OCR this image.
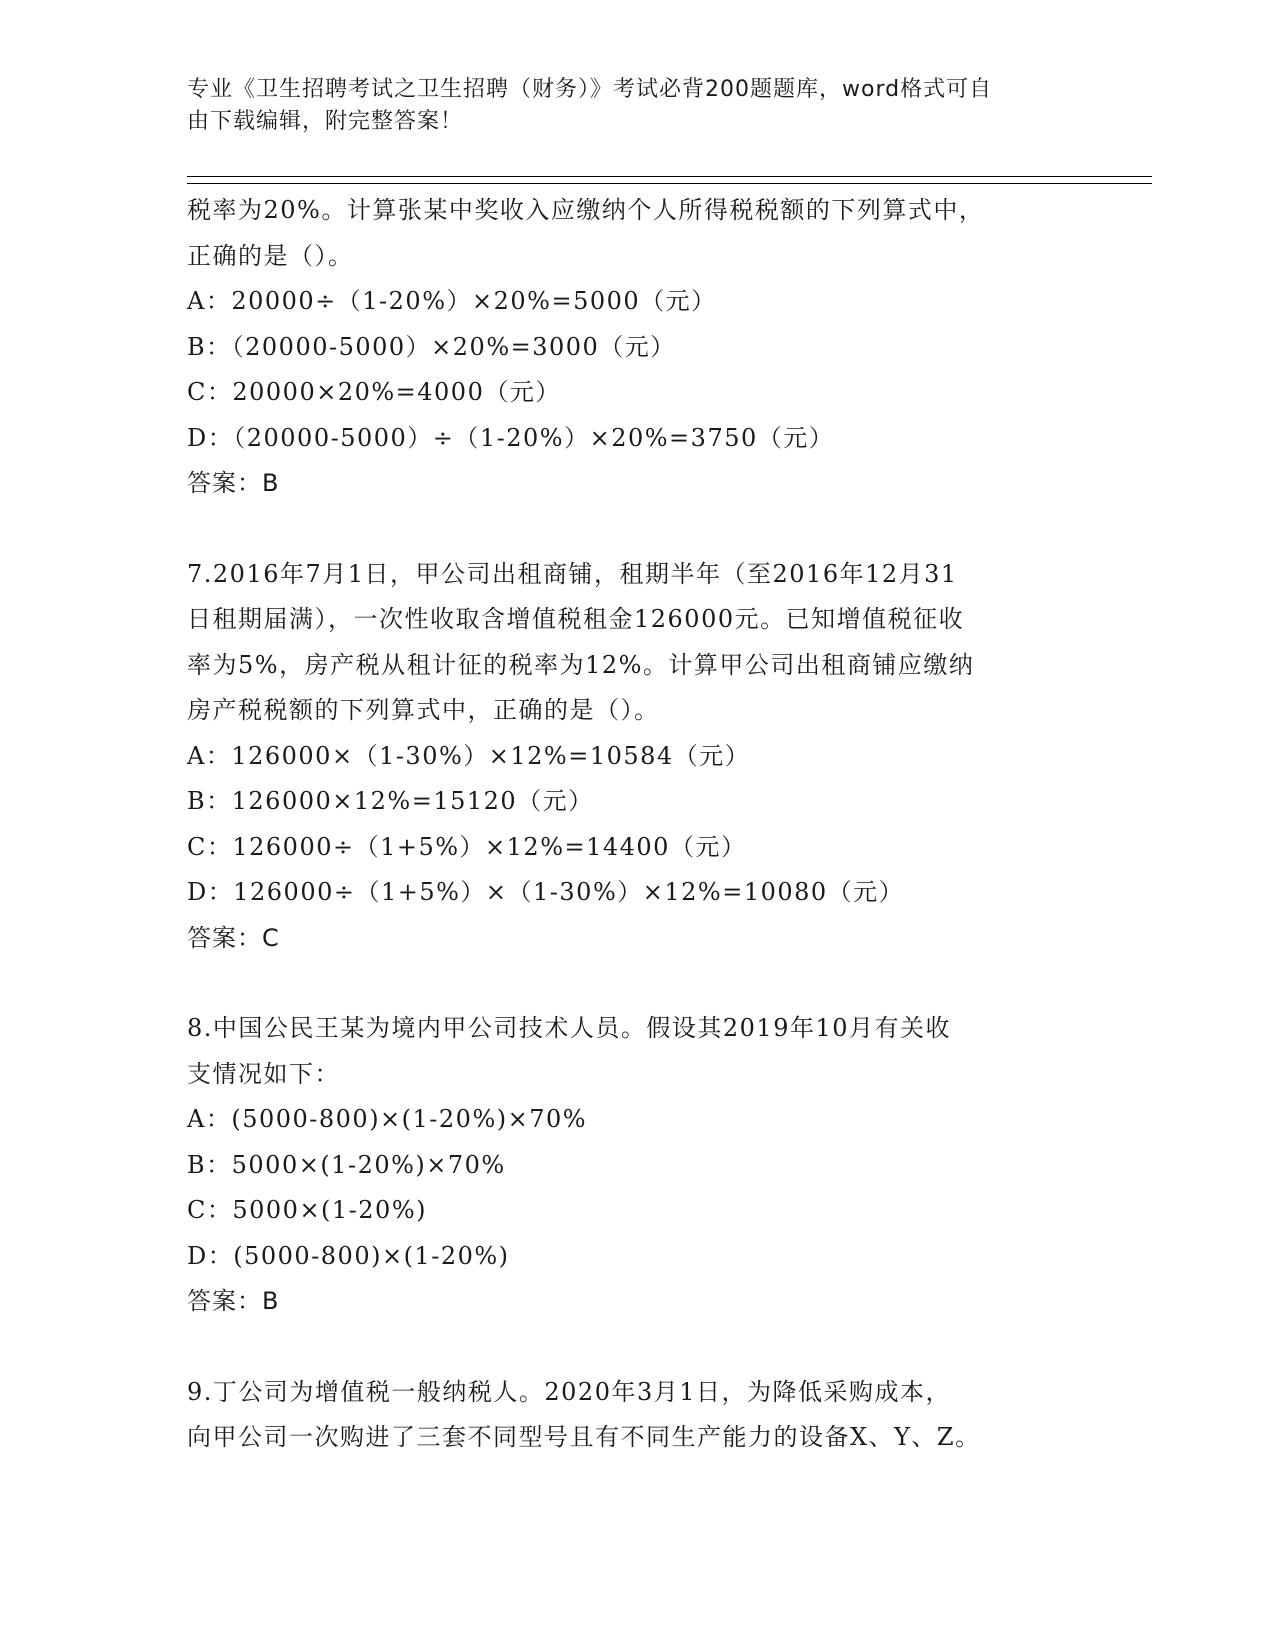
专业《卫生招聘考试之卫生招聘（财务）》考试必背200题题库，word格式可自
由下载编辑，附完整答案！
税率为20%。计算张某中奖收入应缴纳个人所得税税额的下列算式中，
正确的是（）。
A：20000÷（1-20%）×20%=5000（元）
B：（20000-5000）×20%=3000（元）
C：20000×20%=4000（元）
D：（20000-5000）÷（1-20%）×20%=3750（元）
答案：B
7.2016年7月1日，甲公司出租商铺，租期半年（至2016年12月31
日租期届满），一次性收取含增值税租金126000元。已知增值税征收
率为5%，房产税从租计征的税率为12%。计算甲公司出租商铺应缴纳
房产税税额的下列算式中，正确的是（）。
A：126000×（1-30%）×12%=10584（元）
B：126000×12%=15120（元）
C：126000÷（1+5%）×12%=14400（元）
D：126000÷（1+5%）×（1-30%）×12%=10080（元）
答案：C
8.中国公民王某为境内甲公司技术人员。假设其2019年10月有关收
支情况如下：
A：(5000-800)×(1-20%)×70%
B：5000×(1-20%)×70%
C：5000×(1-20%)
D：(5000-800)×(1-20%)
答案：B
9.丁公司为增值税一般纳税人。2020年3月1日，为降低采购成本，
向甲公司一次购进了三套不同型号且有不同生产能力的设备X、Y、Z。
